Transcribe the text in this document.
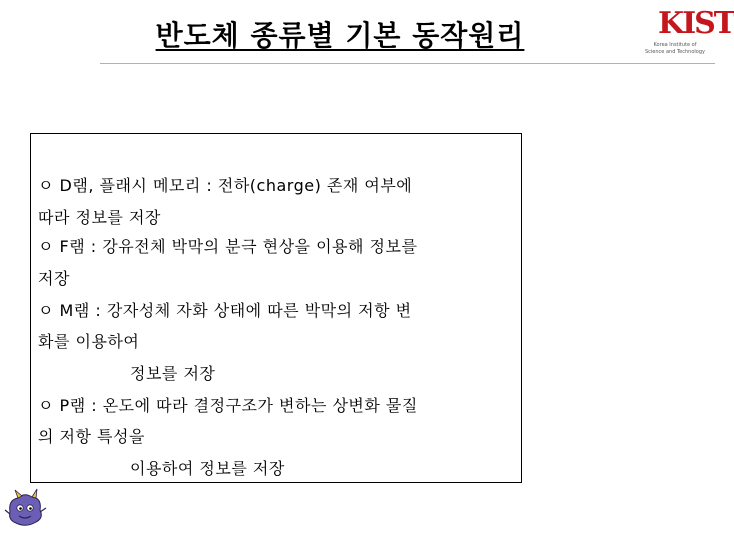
반도체 종류별 기본 동작원리	KIST
Korea Institute of
Science and Technology
ㅇ D램, 플래시 메모리 : 전하(charge) 존재 여부에
따라 정보를 저장
ㅇ F램 : 강유전체 박막의 분극 현상을 이용해 정보를
저장
ㅇ M램 : 강자성체 자화 상태에 따른 박막의 저항 변
화를 이용하여
정보를 저장
ㅇ P램 : 온도에 따라 결정구조가 변하는 상변화 물질
의 저항 특성을
이용하여 정보를 저장
